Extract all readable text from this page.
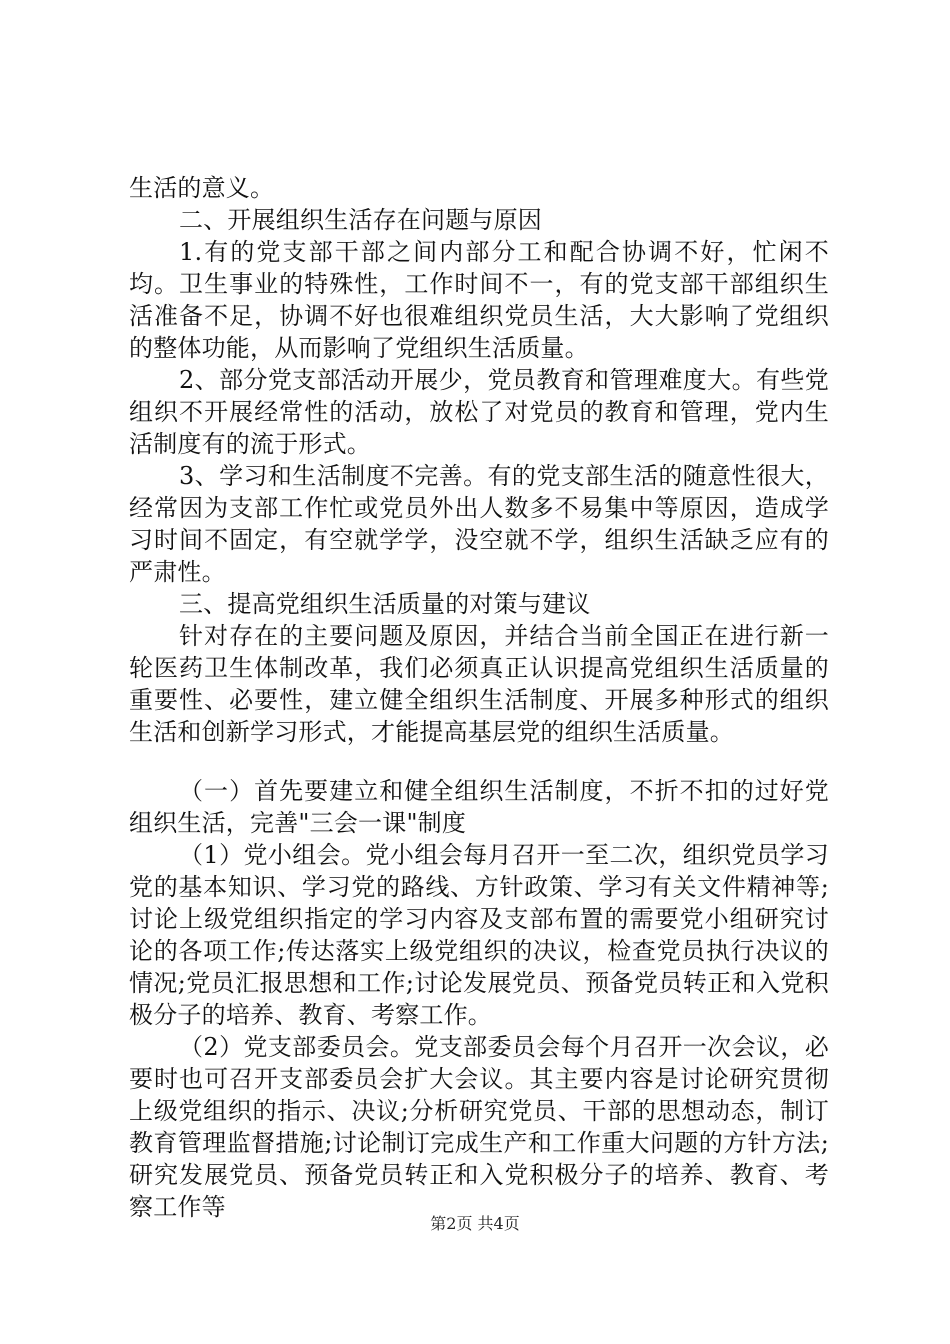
生活的意义。

二、开展组织生活存在问题与原因

1.有的党支部干部之间内部分工和配合协调不好，忙闲不均。卫生事业的特殊性，工作时间不一，有的党支部干部组织生活准备不足，协调不好也很难组织党员生活，大大影响了党组织的整体功能，从而影响了党组织生活质量。

2、部分党支部活动开展少，党员教育和管理难度大。有些党组织不开展经常性的活动，放松了对党员的教育和管理，党内生活制度有的流于形式。

3、学习和生活制度不完善。有的党支部生活的随意性很大，经常因为支部工作忙或党员外出人数多不易集中等原因，造成学习时间不固定，有空就学学，没空就不学，组织生活缺乏应有的严肃性。

三、提高党组织生活质量的对策与建议

针对存在的主要问题及原因，并结合当前全国正在进行新一轮医药卫生体制改革，我们必须真正认识提高党组织生活质量的重要性、必要性，建立健全组织生活制度、开展多种形式的组织生活和创新学习形式，才能提高基层党的组织生活质量。

（一）首先要建立和健全组织生活制度，不折不扣的过好党组织生活，完善"三会一课"制度

（1）党小组会。党小组会每月召开一至二次，组织党员学习党的基本知识、学习党的路线、方针政策、学习有关文件精神等;讨论上级党组织指定的学习内容及支部布置的需要党小组研究讨论的各项工作;传达落实上级党组织的决议，检查党员执行决议的情况;党员汇报思想和工作;讨论发展党员、预备党员转正和入党积极分子的培养、教育、考察工作。

（2）党支部委员会。党支部委员会每个月召开一次会议，必要时也可召开支部委员会扩大会议。其主要内容是讨论研究贯彻上级党组织的指示、决议;分析研究党员、干部的思想动态，制订教育管理监督措施;讨论制订完成生产和工作重大问题的方针方法;研究发展党员、预备党员转正和入党积极分子的培养、教育、考察工作等

第2页 共4页
